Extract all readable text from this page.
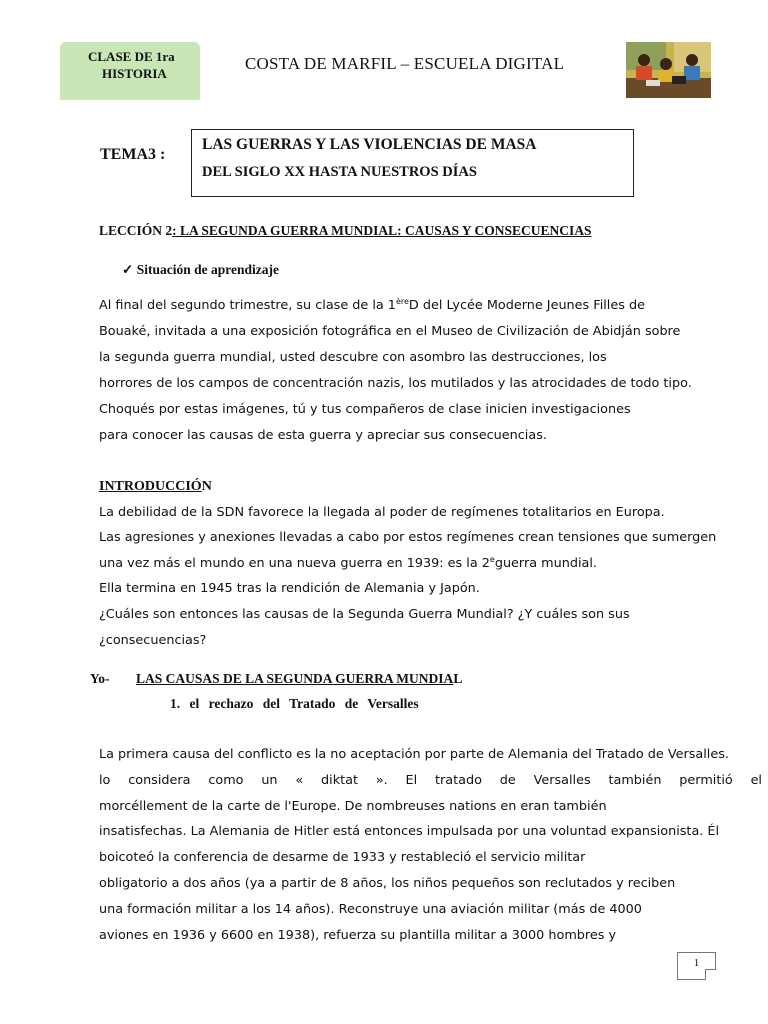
CLASE DE 1ra
HISTORIA
COSTA DE MARFIL – ESCUELA DIGITAL
TEMA3 :
LAS GUERRAS Y LAS VIOLENCIAS DE MASA
DEL SIGLO XX HASTA NUESTROS DÍAS
LECCIÓN 2: LA SEGUNDA GUERRA MUNDIAL: CAUSAS Y CONSECUENCIAS
✓ Situación de aprendizaje
Al final del segundo trimestre, su clase de la 1èreD del Lycée Moderne Jeunes Filles de
Bouaké, invitada a una exposición fotográfica en el Museo de Civilización de Abidján sobre
la segunda guerra mundial, usted descubre con asombro las destrucciones, los
horrores de los campos de concentración nazis, los mutilados y las atrocidades de todo tipo.
Choqués por estas imágenes, tú y tus compañeros de clase inicien investigaciones
para conocer las causas de esta guerra y apreciar sus consecuencias.
INTRODUCCIÓN
La debilidad de la SDN favorece la llegada al poder de regímenes totalitarios en Europa.
Las agresiones y anexiones llevadas a cabo por estos regímenes crean tensiones que sumergen
una vez más el mundo en una nueva guerra en 1939: es la 2eguerra mundial.
Ella termina en 1945 tras la rendición de Alemania y Japón.
¿Cuáles son entonces las causas de la Segunda Guerra Mundial? ¿Y cuáles son sus
¿consecuencias?
Yo- LAS CAUSAS DE LA SEGUNDA GUERRA MUNDIAL
1. el rechazo del Tratado de Versalles
La primera causa del conflicto es la no aceptación por parte de Alemania del Tratado de Versalles.
lo considera como un « diktat ». El tratado de Versalles también permitió el
morcéllement de la carte de l'Europe. De nombreuses nations en eran también
insatisfechas. La Alemania de Hitler está entonces impulsada por una voluntad expansionista. Él
boicoteó la conferencia de desarme de 1933 y restableció el servicio militar
obligatorio a dos años (ya a partir de 8 años, los niños pequeños son reclutados y reciben
una formación militar a los 14 años). Reconstruye una aviación militar (más de 4000
aviones en 1936 y 6600 en 1938), refuerza su plantilla militar a 3000 hombres y
1
